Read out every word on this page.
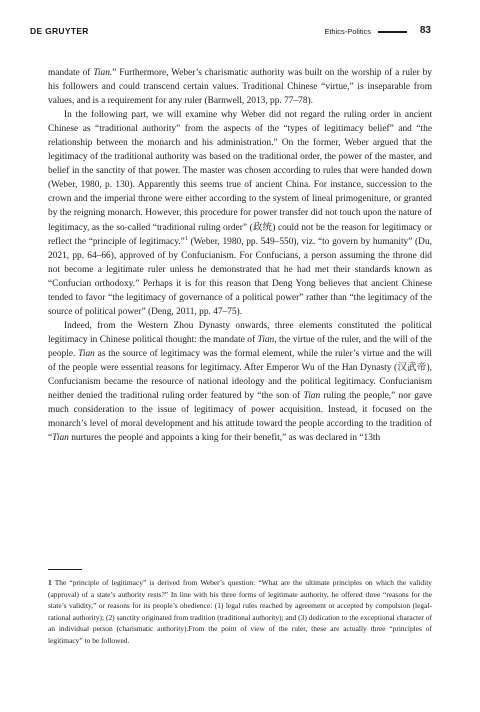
DE GRUYTER	Ethics-Politics	83

mandate of Tian.” Furthermore, Weber’s charismatic authority was built on the worship of a ruler by his followers and could transcend certain values. Traditional Chinese “virtue,” is inseparable from values, and is a requirement for any ruler (Barnwell, 2013, pp. 77–78).

In the following part, we will examine why Weber did not regard the ruling order in ancient Chinese as “traditional authority” from the aspects of the “types of legitimacy belief” and “the relationship between the monarch and his administration.” On the former, Weber argued that the legitimacy of the traditional authority was based on the traditional order, the power of the master, and belief in the sanctity of that power. The master was chosen according to rules that were handed down (Weber, 1980, p. 130). Apparently this seems true of ancient China. For instance, succession to the crown and the imperial throne were either according to the system of lineal primogeniture, or granted by the reigning monarch. However, this procedure for power transfer did not touch upon the nature of legitimacy, as the so-called “traditional ruling order” (政统) could not be the reason for legitimacy or reflect the “principle of legitimacy.”$^1$ (Weber, 1980, pp. 549–550), viz. “to govern by humanity” (Du, 2021, pp. 64–66), approved of by Confucianism. For Confucians, a person assuming the throne did not become a legitimate ruler unless he demonstrated that he had met their standards known as “Confucian orthodoxy.” Perhaps it is for this reason that Deng Yong believes that ancient Chinese tended to favor “the legitimacy of governance of a political power” rather than “the legitimacy of the source of political power” (Deng, 2011, pp. 47–75).

Indeed, from the Western Zhou Dynasty onwards, three elements constituted the political legitimacy in Chinese political thought: the mandate of Tian, the virtue of the ruler, and the will of the people. Tian as the source of legitimacy was the formal element, while the ruler’s virtue and the will of the people were essential reasons for legitimacy. After Emperor Wu of the Han Dynasty (汉武帝), Confucianism became the resource of national ideology and the political legitimacy. Confucianism neither denied the traditional ruling order featured by “the son of Tian ruling the people,” nor gave much consideration to the issue of legitimacy of power acquisition. Instead, it focused on the monarch’s level of moral development and his attitude toward the people according to the tradition of “Tian nurtures the people and appoints a king for their benefit,” as was declared in “13th

1 The “principle of legitimacy” is derived from Weber’s question: “What are the ultimate principles on which the validity (approval) of a state’s authority rests?” In line with his three forms of legitimate authority, he offered three “reasons for the state’s validity,” or reasons for its people’s obedience: (1) legal rules reached by agreement or accepted by compulsion (legal-rational authority); (2) sanctity originated from tradition (traditional authority); and (3) dedication to the exceptional character of an individual person (charismatic authority).From the point of view of the ruler, these are actually three “principles of legitimacy” to be followed.
